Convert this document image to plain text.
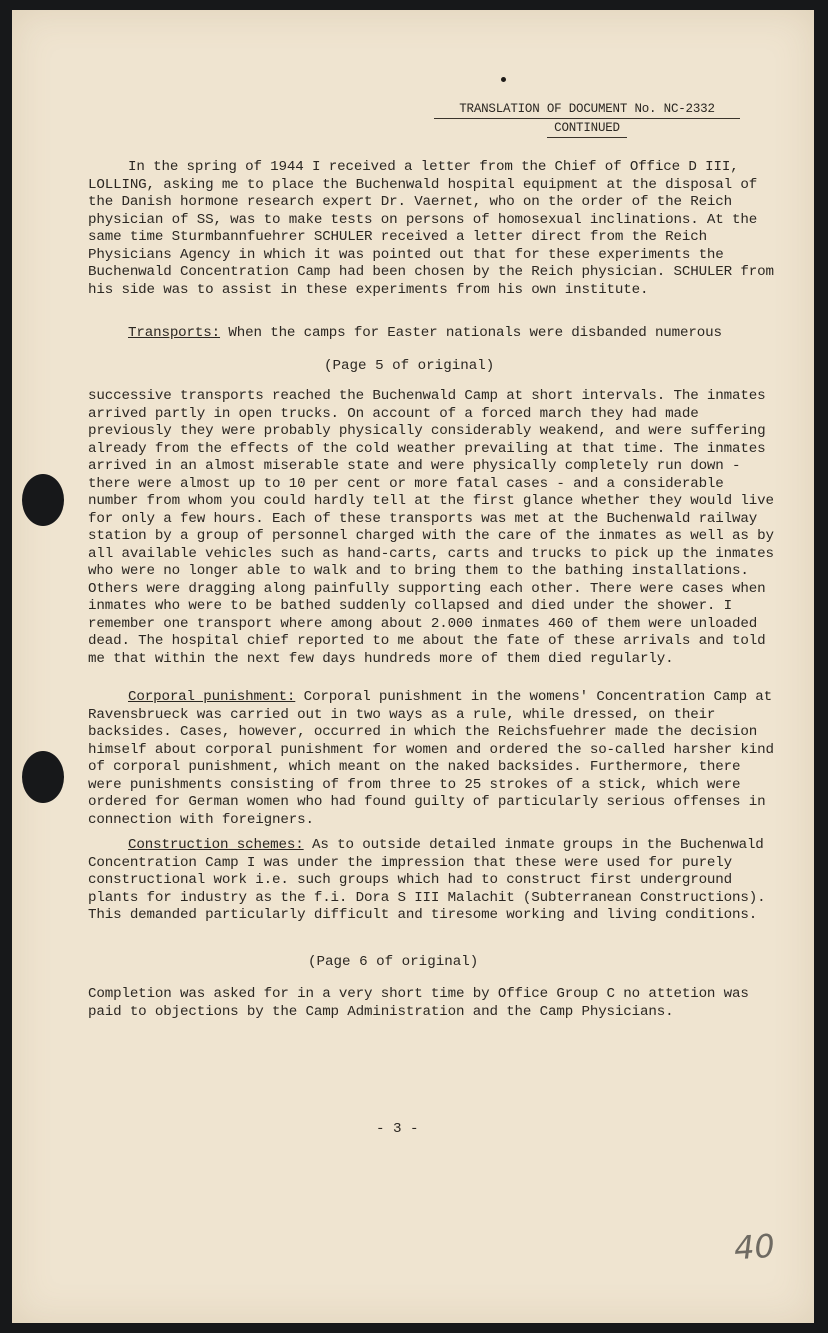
TRANSLATION OF DOCUMENT No. NC-2332
CONTINUED
In the spring of 1944 I received a letter from the Chief of Office D III, LOLLING, asking me to place the Buchenwald hospital equipment at the disposal of the Danish hormone research expert Dr. Vaernet, who on the order of the Reich physician of SS, was to make tests on persons of homosexual inclinations. At the same time Sturmbannfuehrer SCHULER received a letter direct from the Reich Physicians Agency in which it was pointed out that for these experiments the Buchenwald Concentration Camp had been chosen by the Reich physician. SCHULER from his side was to assist in these experiments from his own institute.
Transports: When the camps for Easter nationals were disbanded numerous
(Page 5 of original)
successive transports reached the Buchenwald Camp at short intervals. The inmates arrived partly in open trucks. On account of a forced march they had made previously they were probably physically considerably weakend, and were suffering already from the effects of the cold weather prevailing at that time. The inmates arrived in an almost miserable state and were physically completely run down - there were almost up to 10 per cent or more fatal cases - and a considerable number from whom you could hardly tell at the first glance whether they would live for only a few hours. Each of these transports was met at the Buchenwald railway station by a group of personnel charged with the care of the inmates as well as by all available vehicles such as hand-carts, carts and trucks to pick up the inmates who were no longer able to walk and to bring them to the bathing installations. Others were dragging along painfully supporting each other. There were cases when inmates who were to be bathed suddenly collapsed and died under the shower. I remember one transport where among about 2.000 inmates 460 of them were unloaded dead. The hospital chief reported to me about the fate of these arrivals and told me that within the next few days hundreds more of them died regularly.
Corporal punishment: Corporal punishment in the womens' Concentration Camp at Ravensbrueck was carried out in two ways as a rule, while dressed, on their backsides. Cases, however, occurred in which the Reichsfuehrer made the decision himself about corporal punishment for women and ordered the so-called harsher kind of corporal punishment, which meant on the naked backsides. Furthermore, there were punishments consisting of from three to 25 strokes of a stick, which were ordered for German women who had found guilty of particularly serious offenses in connection with foreigners.
Construction schemes: As to outside detailed inmate groups in the Buchenwald Concentration Camp I was under the impression that these were used for purely constructional work i.e. such groups which had to construct first underground plants for industry as the f.i. Dora S III Malachit (Subterranean Constructions). This demanded particularly difficult and tiresome working and living conditions.
(Page 6 of original)
Completion was asked for in a very short time by Office Group C no attetion was paid to objections by the Camp Administration and the Camp Physicians.
- 3 -
40
